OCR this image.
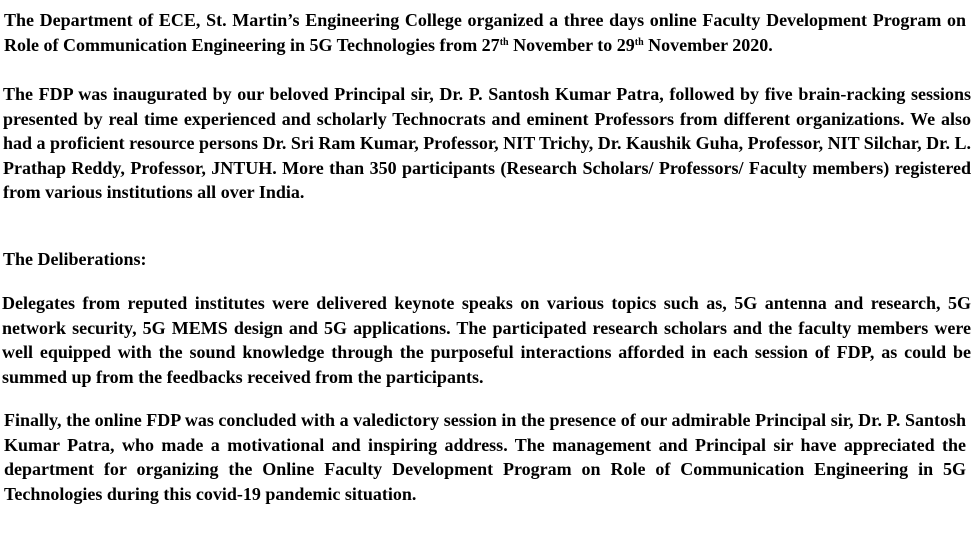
The Department of ECE, St. Martin’s Engineering College organized a three days online Faculty Development Program on Role of Communication Engineering in 5G Technologies from 27th November to 29th November 2020.

The FDP was inaugurated by our beloved Principal sir, Dr. P. Santosh Kumar Patra, followed by five brain-racking sessions presented by real time experienced and scholarly Technocrats and eminent Professors from different organizations. We also had a proficient resource persons Dr. Sri Ram Kumar, Professor, NIT Trichy, Dr. Kaushik Guha, Professor, NIT Silchar, Dr. L. Prathap Reddy, Professor, JNTUH. More than 350 participants (Research Scholars/ Professors/ Faculty members) registered from various institutions all over India.

The Deliberations:

Delegates from reputed institutes were delivered keynote speaks on various topics such as, 5G antenna and research, 5G network security, 5G MEMS design and 5G applications. The participated research scholars and the faculty members were well equipped with the sound knowledge through the purposeful interactions afforded in each session of FDP, as could be summed up from the feedbacks received from the participants.

Finally, the online FDP was concluded with a valedictory session in the presence of our admirable Principal sir, Dr. P. Santosh Kumar Patra, who made a motivational and inspiring address. The management and Principal sir have appreciated the department for organizing the Online Faculty Development Program on Role of Communication Engineering in 5G Technologies during this covid-19 pandemic situation.
